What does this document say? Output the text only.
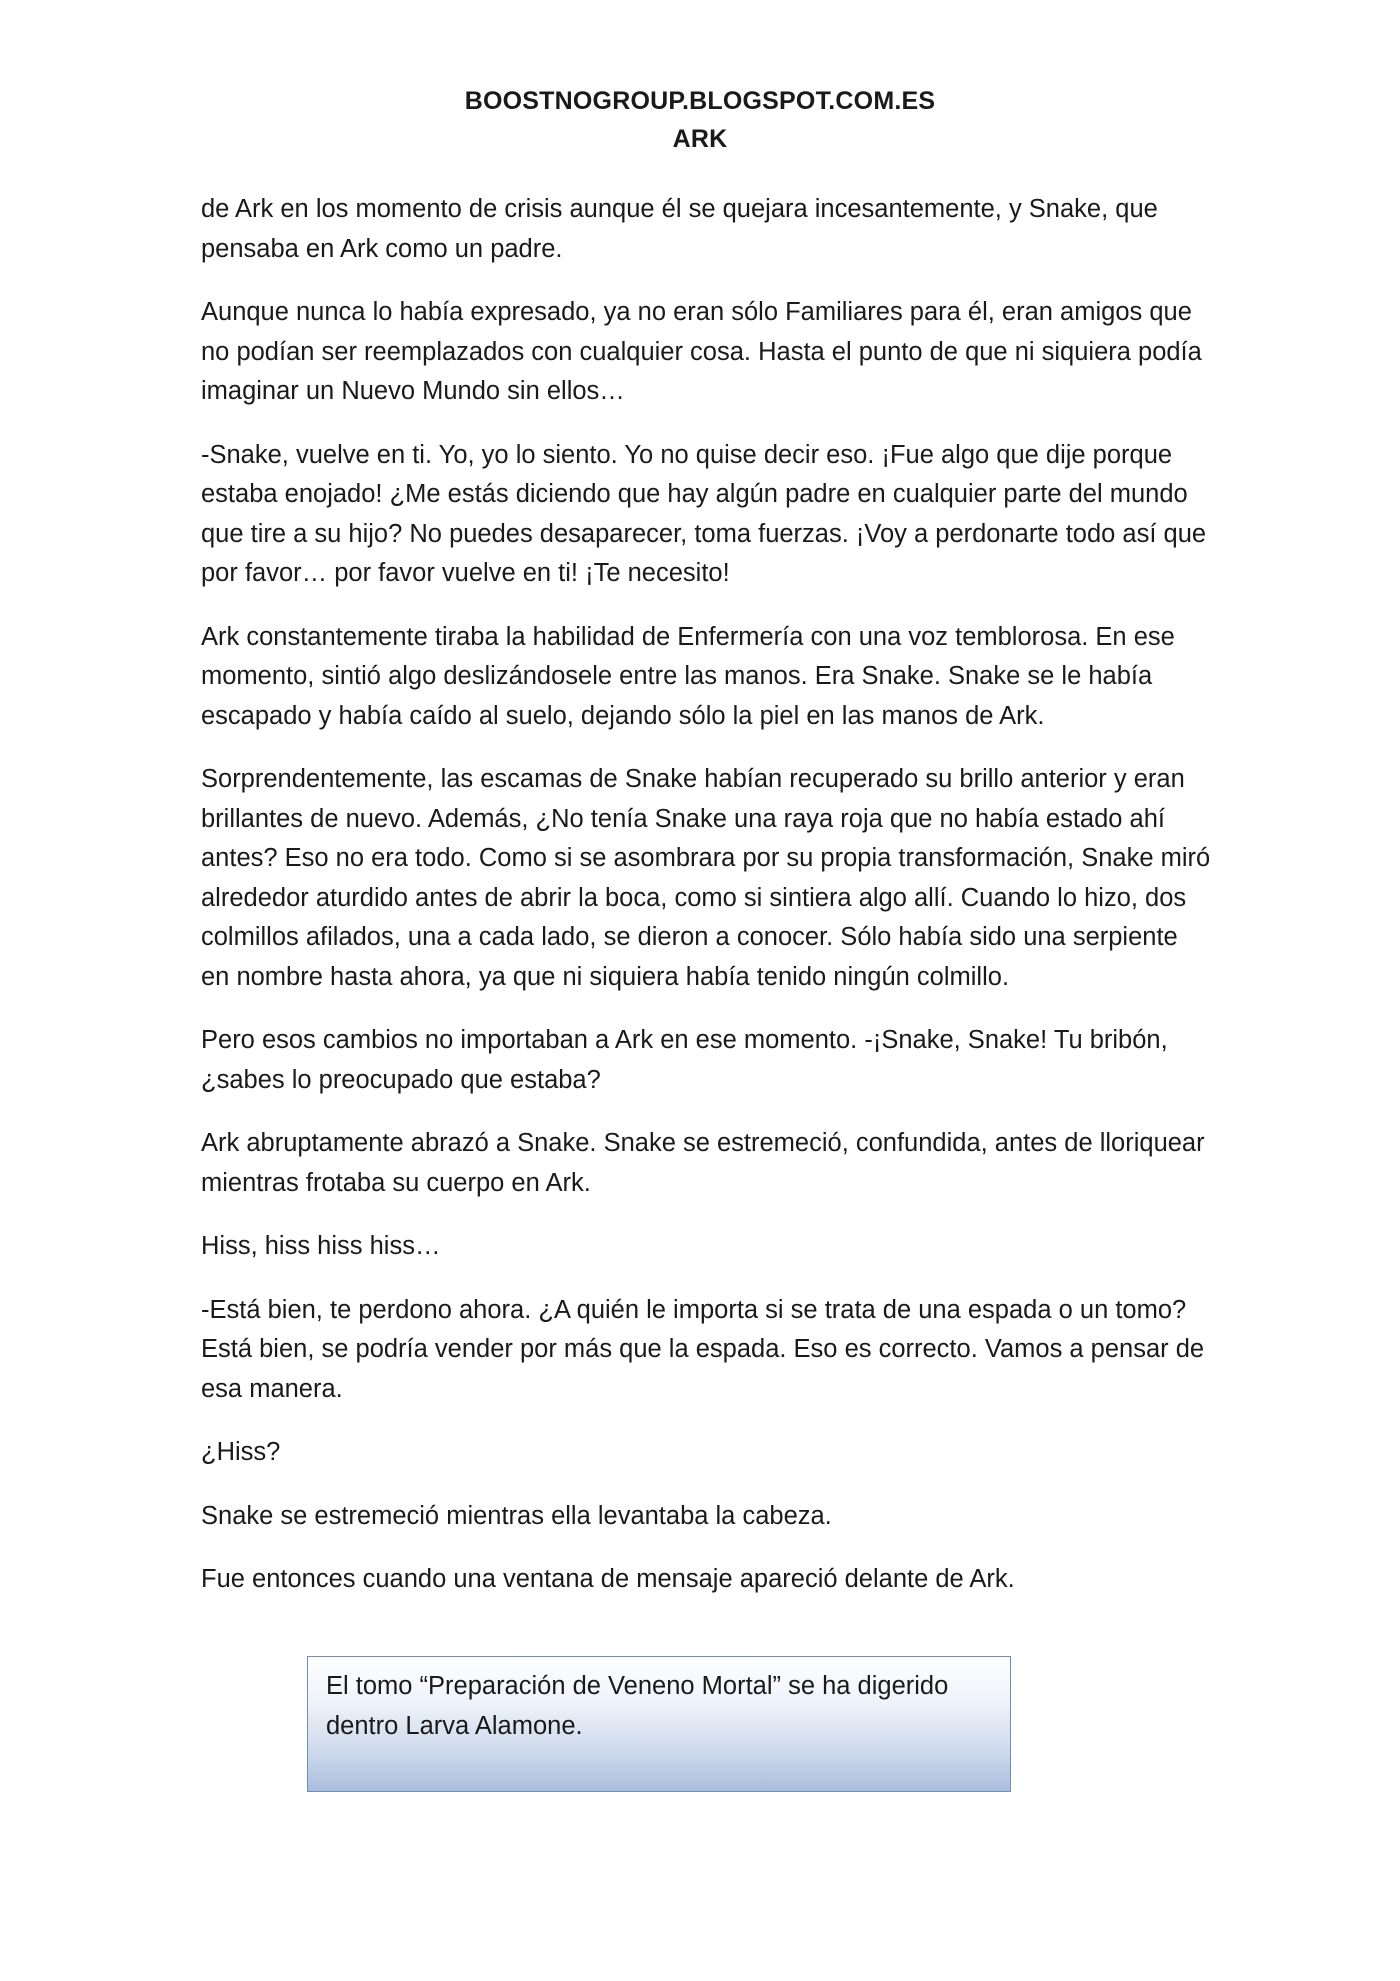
BOOSTNOGROUP.BLOGSPOT.COM.ES
ARK

de Ark en los momento de crisis aunque él se quejara incesantemente, y Snake, que pensaba en Ark como un padre.

Aunque nunca lo había expresado, ya no eran sólo Familiares para él, eran amigos que no podían ser reemplazados con cualquier cosa. Hasta el punto de que ni siquiera podía imaginar un Nuevo Mundo sin ellos…

-Snake, vuelve en ti. Yo, yo lo siento. Yo no quise decir eso. ¡Fue algo que dije porque estaba enojado! ¿Me estás diciendo que hay algún padre en cualquier parte del mundo que tire a su hijo? No puedes desaparecer, toma fuerzas. ¡Voy a perdonarte todo así que por favor… por favor vuelve en ti! ¡Te necesito!

Ark constantemente tiraba la habilidad de Enfermería con una voz temblorosa. En ese momento, sintió algo deslizándosele entre las manos. Era Snake. Snake se le había escapado y había caído al suelo, dejando sólo la piel en las manos de Ark.

Sorprendentemente, las escamas de Snake habían recuperado su brillo anterior y eran brillantes de nuevo. Además, ¿No tenía Snake una raya roja que no había estado ahí antes? Eso no era todo. Como si se asombrara por su propia transformación, Snake miró alrededor aturdido antes de abrir la boca, como si sintiera algo allí. Cuando lo hizo, dos colmillos afilados, una a cada lado, se dieron a conocer. Sólo había sido una serpiente en nombre hasta ahora, ya que ni siquiera había tenido ningún colmillo.

Pero esos cambios no importaban a Ark en ese momento. -¡Snake, Snake! Tu bribón, ¿sabes lo preocupado que estaba?

Ark abruptamente abrazó a Snake. Snake se estremeció, confundida, antes de lloriquear mientras frotaba su cuerpo en Ark.

Hiss, hiss hiss hiss…

-Está bien, te perdono ahora. ¿A quién le importa si se trata de una espada o un tomo? Está bien, se podría vender por más que la espada. Eso es correcto. Vamos a pensar de esa manera.

¿Hiss?

Snake se estremeció mientras ella levantaba la cabeza.

Fue entonces cuando una ventana de mensaje apareció delante de Ark.

El tomo “Preparación de Veneno Mortal” se ha digerido dentro Larva Alamone.
